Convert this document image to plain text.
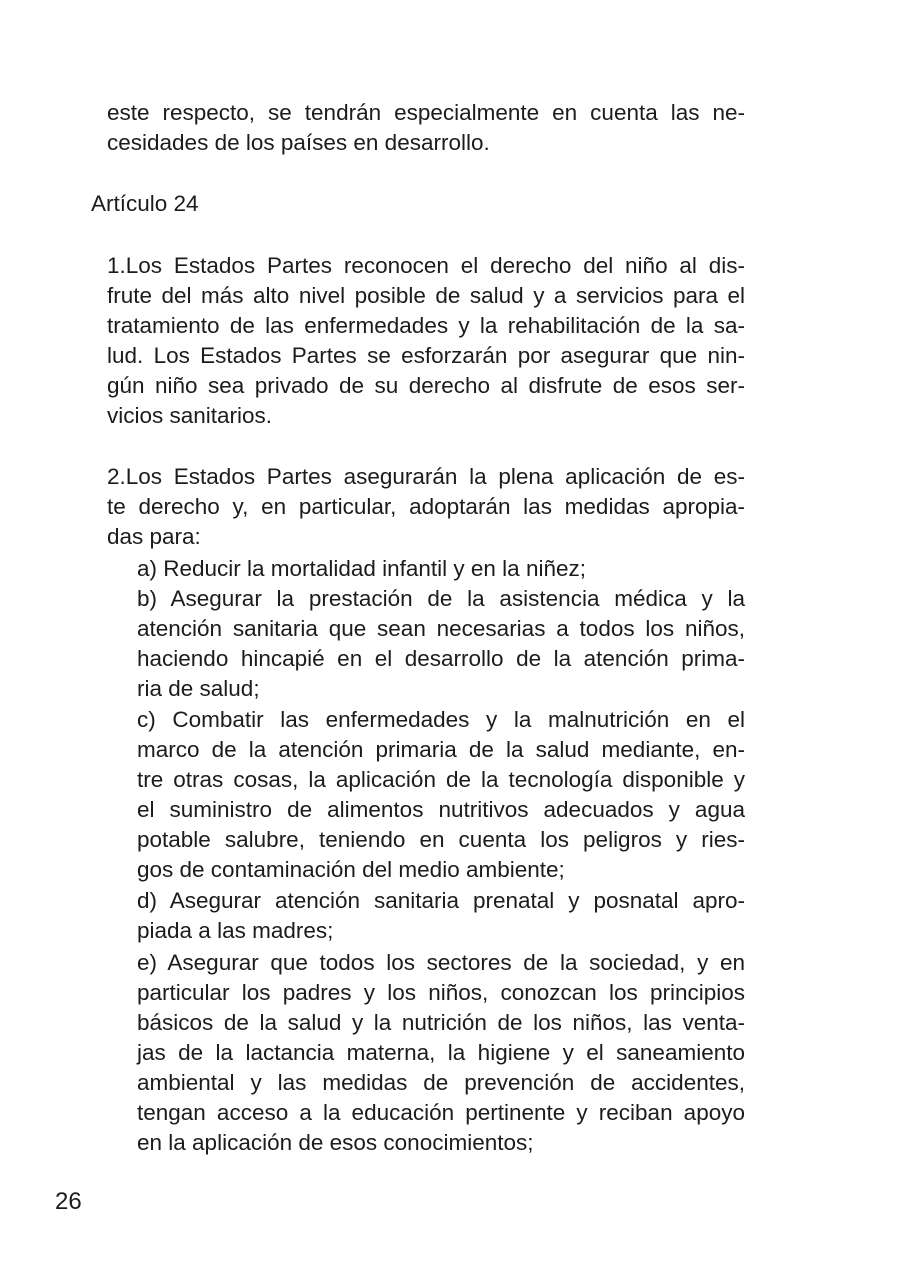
este respecto, se tendrán especialmente en cuenta las ne-
cesidades de los países en desarrollo.
Artículo 24
1.Los Estados Partes reconocen el derecho del niño al dis-
frute del más alto nivel posible de salud y a servicios para el
tratamiento de las enfermedades y la rehabilitación de la sa-
lud. Los Estados Partes se esforzarán por asegurar que nin-
gún niño sea privado de su derecho al disfrute de esos ser-
vicios sanitarios.
2.Los Estados Partes asegurarán la plena aplicación de es-
te derecho y, en particular, adoptarán las medidas apropia-
das para:
a) Reducir la mortalidad infantil y en la niñez;
b) Asegurar la prestación de la asistencia médica y la
atención sanitaria que sean necesarias a todos los niños,
haciendo hincapié en el desarrollo de la atención prima-
ria de salud;
c) Combatir las enfermedades y la malnutrición en el
marco de la atención primaria de la salud mediante, en-
tre otras cosas, la aplicación de la tecnología disponible y
el suministro de alimentos nutritivos adecuados y agua
potable salubre, teniendo en cuenta los peligros y ries-
gos de contaminación del medio ambiente;
d) Asegurar atención sanitaria prenatal y posnatal apro-
piada a las madres;
e) Asegurar que todos los sectores de la sociedad, y en
particular los padres y los niños, conozcan los principios
básicos de la salud y la nutrición de los niños, las venta-
jas de la lactancia materna, la higiene y el saneamiento
ambiental y las medidas de prevención de accidentes,
tengan acceso a la educación pertinente y reciban apoyo
en la aplicación de esos conocimientos;
26
